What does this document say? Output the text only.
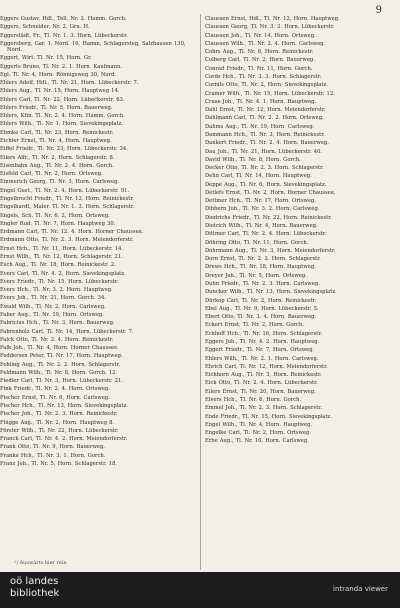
9

Eggers Gustav, Hdl., Tell. Nr. 2. Hamm. Gorch.

Eggers, Schneider, Nr. 2. Gru. H.

Eggerstädt, Fr., Tl. Nr. 1. 3. Horn, Lübeckerstr.

Eggersberg, Gar. 1. Nord. 16, Hamm, Schlagersteg, Salzhausen 130, Nord.

Eggert, Wirt. Tl. Nr. 15, Horn. Gr.

Eggerts Bruno, Tl. Nr. 2. 1. Horn. Kaufmann.

Egl. Tl. Nr. 4, Horn. Rönnigsweg 30, Nord.

Ehlers Adolf, Hdl., Tl. Nr. 21, Horn. Lübeckerstr. 7.

Ehlers Aug., Tl. Nr. 15, Horn. Hauptweg 14.

Ehlers Carl, Tl. Nr. 22, Horn. Lübeckerstr. 63.

Ehlers Friedr., Tl. Nr. 5, Horn. Bauerweg.

Ehlers, Kfm. Tl. Nr. 2. 4. Horn. Hamm. Gorch.

Ehlers Wilh., Tl. Nr. 1. Horn. Sievekingsplatz.

Ehmke Carl, Tl. Nr. 23, Horn. Reinickestr.

Eichler Ernst, Tl. Nr. 4, Horn. Hauptweg.

Eiffel Friedr., Tl. Nr. 23, Horn. Lübeckerstr. 34.

Eilers Alfr., Tl. Nr. 2, Horn. Schlagerstr. 8.

Eisenbahn Aug., Tl. Nr. 2. 4. Horn. Gorch.

Eisfeld Carl, Tl. Nr. 2, Horn. Ortsweg.

Emmerich Georg, Tl. Nr. 3, Horn. Carlsweg.

Engel Gust., Tl. Nr. 2. 4. Horn. Lübeckerstr. 91.

Engelbrecht Friedr., Tl. Nr. 12, Horn. Reinickestr.

Engelhardt, Maler. Tl. Nr. 1. 3. Horn. Schlagerstr.

Engels, Sch. Tl. Nr. 6. 2, Horn. Ortsweg.

Engler Rud. Tl. Nr. 7, Horn. Hauptweg 30.

Erdmann Carl, Tl. Nr. 12. 4. Horn. Horner Chaussee.

Erdmann Otto, Tl. Nr. 2. 3. Horn. Meiendorferstr.

Ernst Hch., Tl. Nr. 11, Horn. Lübeckerstr. 14.

Ernst Wilh., Tl. Nr. 12, Horn. Schlagerstr. 21.

Esch Aug., Tl. Nr. 18, Horn. Reinickestr. 2.

Evers Carl, Tl. Nr. 4. 2, Horn. Sievekingsplatz.

Evers Friedr., Tl. Nr. 15, Horn. Lübeckerstr.

Evers Hch., Tl. Nr. 3. 2. Horn. Hauptweg.

Evers Joh., Tl. Nr. 21, Horn. Gorch. 34.

Ewald Wilh., Tl. Nr. 2, Horn. Carlsweg.

Faber Aug., Tl. Nr. 19, Horn. Ortsweg.

Fabricius Hch., Tl. Nr. 3, Horn. Bauerweg.

Fahrenholz Carl, Tl. Nr. 14, Horn. Lübeckerstr. 7.

Falck Otto, Tl. Nr. 2. 4. Horn. Reinickestr.

Falk Joh., Tl. Nr. 4, Horn. Horner Chaussee.

Feddersen Peter, Tl. Nr. 17, Horn. Hauptweg.

Fehling Aug., Tl. Nr. 2. 2. Horn. Schlagerstr.

Feldmann Wilh., Tl. Nr. 8, Horn. Gorch. 12.

Fiedler Carl, Tl. Nr. 3, Horn. Lübeckerstr. 21.

Fink Friedr., Tl. Nr. 2. 4. Horn. Ortsweg.

Fischer Ernst, Tl. Nr. 6, Horn. Carlsweg.

Fischer Hch., Tl. Nr. 13, Horn. Sievekingsplatz.

Fischer Joh., Tl. Nr. 2. 3. Horn. Reinickestr.

Flügge Aug., Tl. Nr. 2, Horn. Hauptweg 8.

Förster Wilh., Tl. Nr. 22, Horn. Lübeckerstr.

Franck Carl, Tl. Nr. 4. 2. Horn. Meiendorferstr.

Frank Otto, Tl. Nr. 9, Horn. Bauerweg.

Franke Hch., Tl. Nr. 3. 1. Horn. Gorch.

Franz Joh., Tl. Nr. 5, Horn. Schlagerstr. 18.

Claussen Ernst, Hdl., Tl. Nr. 12, Horn. Hauptweg.

Claussen Georg, Tl. Nr. 3. 2. Horn. Lübeckerstr.

Claussen Joh., Tl. Nr. 14, Horn. Ortsweg.

Claussen Wilh., Tl. Nr. 2. 4. Horn. Carlsweg.

Cohrs Aug., Tl. Nr. 8, Horn. Reinickestr.

Colberg Carl, Tl. Nr. 2, Horn. Bauerweg.

Conrad Friedr., Tl. Nr. 11, Horn. Gorch.

Cords Hch., Tl. Nr. 3. 3. Horn. Schlagerstr.

Cornils Otto, Tl. Nr. 2, Horn. Sievekingsplatz.

Cramer Wilh., Tl. Nr. 15, Horn. Lübeckerstr. 12.

Cruse Joh., Tl. Nr. 4. 1. Horn. Hauptweg.

Dahl Ernst, Tl. Nr. 12, Horn. Meiendorferstr.

Dahlmann Carl, Tl. Nr. 2. 2. Horn. Ortsweg.

Dahms Aug., Tl. Nr. 19, Horn. Carlsweg.

Dammann Hch., Tl. Nr. 3, Horn. Reinickestr.

Dankert Friedr., Tl. Nr. 2. 4. Horn. Bauerweg.

Dau Joh., Tl. Nr. 21, Horn. Lübeckerstr. 40.

David Wilh., Tl. Nr. 8, Horn. Gorch.

Decker Otto, Tl. Nr. 2. 3. Horn. Schlagerstr.

Dehn Carl, Tl. Nr. 14, Horn. Hauptweg.

Deppe Aug., Tl. Nr. 6, Horn. Sievekingsplatz.

Detlefs Ernst, Tl. Nr. 2, Horn. Horner Chaussee.

Dettmer Hch., Tl. Nr. 17, Horn. Ortsweg.

Dibbern Joh., Tl. Nr. 3. 2. Horn. Carlsweg.

Diedrichs Friedr., Tl. Nr. 22, Horn. Reinickestr.

Dietrich Wilh., Tl. Nr. 4, Horn. Bauerweg.

Dittmer Carl, Tl. Nr. 2. 4. Horn. Lübeckerstr.

Döhring Otto, Tl. Nr. 11, Horn. Gorch.

Dohrmann Aug., Tl. Nr. 3, Horn. Meiendorferstr.

Dorn Ernst, Tl. Nr. 2. 2. Horn. Schlagerstr.

Drews Hch., Tl. Nr. 18, Horn. Hauptweg.

Dreyer Joh., Tl. Nr. 5, Horn. Ortsweg.

Duhn Friedr., Tl. Nr. 2. 3. Horn. Carlsweg.

Duncker Wilh., Tl. Nr. 13, Horn. Sievekingsplatz.

Dürkop Carl, Tl. Nr. 2, Horn. Reinickestr.

Ebel Aug., Tl. Nr. 9, Horn. Lübeckerstr. 5.

Ebert Otto, Tl. Nr. 3. 4. Horn. Bauerweg.

Eckert Ernst, Tl. Nr. 2, Horn. Gorch.

Eckhoff Hch., Tl. Nr. 16, Horn. Schlagerstr.

Eggers Joh., Tl. Nr. 4. 2. Horn. Hauptweg.

Eggert Friedr., Tl. Nr. 7, Horn. Ortsweg.

Ehlers Wilh., Tl. Nr. 2. 1. Horn. Carlsweg.

Ehrich Carl, Tl. Nr. 12, Horn. Meiendorferstr.

Eichhorn Aug., Tl. Nr. 3, Horn. Reinickestr.

Eick Otto, Tl. Nr. 2. 4. Horn. Lübeckerstr.

Eilers Ernst, Tl. Nr. 20, Horn. Bauerweg.

Elvers Hch., Tl. Nr. 6, Horn. Gorch.

Emmel Joh., Tl. Nr. 2. 3. Horn. Schlagerstr.

Ende Friedr., Tl. Nr. 15, Horn. Sievekingsplatz.

Engel Wilh., Tl. Nr. 4, Horn. Hauptweg.

Engelke Carl, Tl. Nr. 2, Horn. Ortsweg.

Erbe Aug., Tl. Nr. 10, Horn. Carlsweg.

¹) Auswärts hier rein
oö landes
bibliothek	intranda viewer
